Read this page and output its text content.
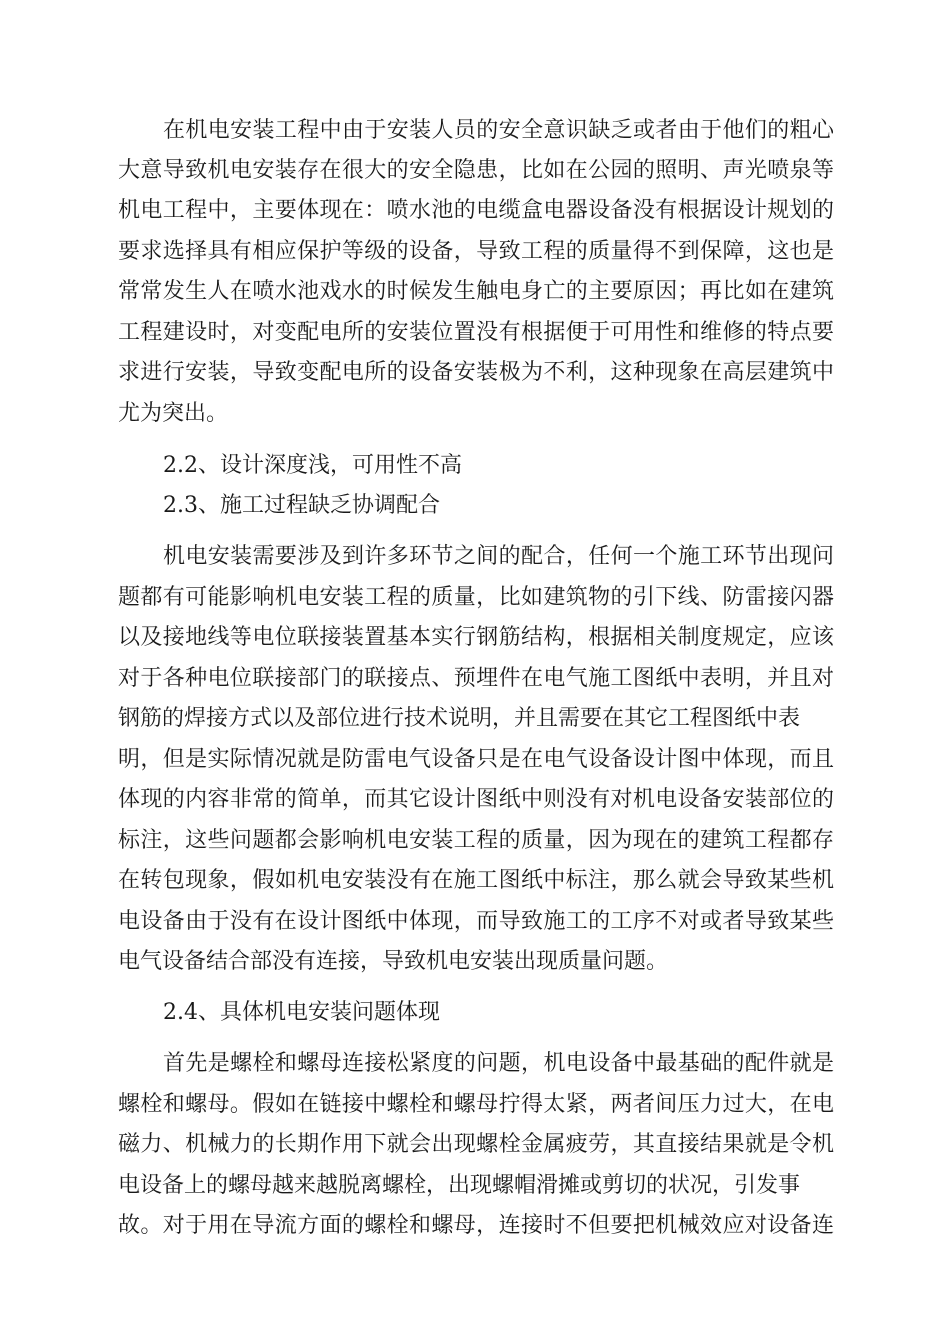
在机电安装工程中由于安装人员的安全意识缺乏或者由于他们的粗心
大意导致机电安装存在很大的安全隐患，比如在公园的照明、声光喷泉等
机电工程中，主要体现在：喷水池的电缆盒电器设备没有根据设计规划的
要求选择具有相应保护等级的设备，导致工程的质量得不到保障，这也是
常常发生人在喷水池戏水的时候发生触电身亡的主要原因；再比如在建筑
工程建设时，对变配电所的安装位置没有根据便于可用性和维修的特点要
求进行安装，导致变配电所的设备安装极为不利，这种现象在高层建筑中
尤为突出。
2.2、设计深度浅，可用性不高
2.3、施工过程缺乏协调配合
机电安装需要涉及到许多环节之间的配合，任何一个施工环节出现问
题都有可能影响机电安装工程的质量，比如建筑物的引下线、防雷接闪器
以及接地线等电位联接装置基本实行钢筋结构，根据相关制度规定，应该
对于各种电位联接部门的联接点、预埋件在电气施工图纸中表明，并且对
钢筋的焊接方式以及部位进行技术说明，并且需要在其它工程图纸中表
明，但是实际情况就是防雷电气设备只是在电气设备设计图中体现，而且
体现的内容非常的简单，而其它设计图纸中则没有对机电设备安装部位的
标注，这些问题都会影响机电安装工程的质量，因为现在的建筑工程都存
在转包现象，假如机电安装没有在施工图纸中标注，那么就会导致某些机
电设备由于没有在设计图纸中体现，而导致施工的工序不对或者导致某些
电气设备结合部没有连接，导致机电安装出现质量问题。
2.4、具体机电安装问题体现
首先是螺栓和螺母连接松紧度的问题，机电设备中最基础的配件就是
螺栓和螺母。假如在链接中螺栓和螺母拧得太紧，两者间压力过大，在电
磁力、机械力的长期作用下就会出现螺栓金属疲劳，其直接结果就是令机
电设备上的螺母越来越脱离螺栓，出现螺帽滑摊或剪切的状况，引发事
故。对于用在导流方面的螺栓和螺母，连接时不但要把机械效应对设备连
